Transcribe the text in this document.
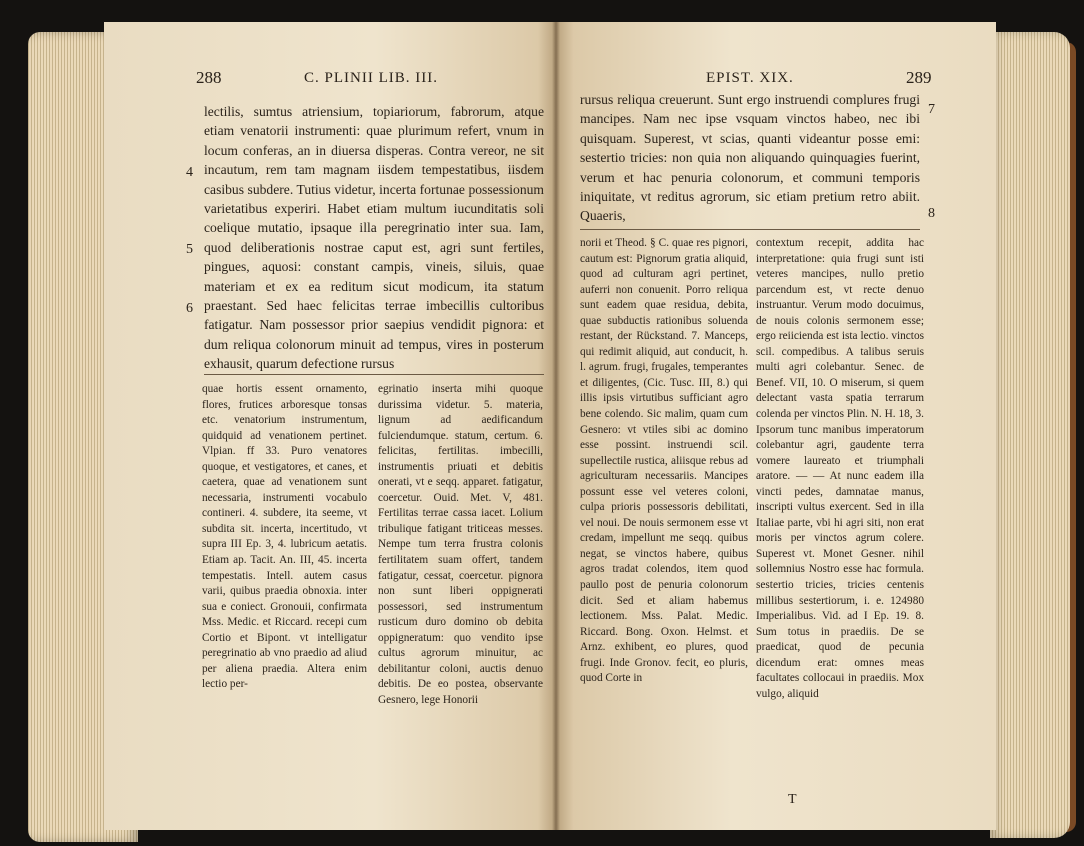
288	C. PLINII LIB. III.
4
5
6

lectilis, sumtus atriensium, topiariorum, fabrorum, atque etiam venatorii instrumenti: quae plurimum refert, vnum in locum conferas, an in diuersa disperas. Contra vereor, ne sit incautum, rem tam magnam iisdem tempestatibus, iisdem casibus subdere. Tutius videtur, incerta fortunae possessionum varietatibus experiri. Habet etiam multum iucunditatis soli coelique mutatio, ipsaque illa peregrinatio inter sua. Iam, quod deliberationis nostrae caput est, agri sunt fertiles, pingues, aquosi: constant campis, vineis, siluis, quae materiam et ex ea reditum sicut modicum, ita statum praestant. Sed haec felicitas terrae imbecillis cultoribus fatigatur. Nam possessor prior saepius vendidit pignora: et dum reliqua colonorum minuit ad tempus, vires in posterum exhausit, quarum defectione rursus

quae hortis essent ornamento, flores, frutices arboresque tonsas etc. venatorium instrumentum, quidquid ad venationem pertinet. Vlpian. ff 33. Puro venatores quoque, et vestigatores, et canes, et caetera, quae ad venationem sunt necessaria, instrumenti vocabulo contineri. 4. subdere, ita seeme, vt subdita sit. incerta, incertitudo, vt supra III Ep. 3, 4. lubricum aetatis. Etiam ap. Tacit. An. III, 45. incerta tempestatis. Intell. autem casus varii, quibus praedia obnoxia. inter sua e coniect. Gronouii, confirmata Mss. Medic. et Riccard. recepi cum Cortio et Bipont. vt intelligatur peregrinatio ab vno praedio ad aliud per aliena praedia. Altera enim lectio per-

egrinatio inserta mihi quoque durissima videtur. 5. materia, lignum ad aedificandum fulciendumque. statum, certum. 6. felicitas, fertilitas. imbecilli, instrumentis priuati et debitis onerati, vt e seqq. apparet. fatigatur, coercetur. Ouid. Met. V, 481. Fertilitas terrae cassa iacet. Lolium tribulique fatigant triticeas messes. Nempe tum terra frustra colonis fertilitatem suam offert, tandem fatigatur, cessat, coercetur. pignora non sunt liberi oppignerati possessori, sed instrumentum rusticum duro domino ob debita oppigneratum: quo vendito ipse cultus agrorum minuitur, ac debilitantur coloni, auctis denuo debitis. De eo postea, observante Gesnero, lege Honorii

EPIST. XIX.	289
7
8

rursus reliqua creuerunt. Sunt ergo instruendi complures frugi mancipes. Nam nec ipse vsquam vinctos habeo, nec ibi quisquam. Superest, vt scias, quanti videantur posse emi: sestertio tricies: non quia non aliquando quinquagies fuerint, verum et hac penuria colonorum, et communi temporis iniquitate, vt reditus agrorum, sic etiam pretium retro abiit. Quaeris,

norii et Theod. § C. quae res pignori, cautum est: Pignorum gratia aliquid, quod ad culturam agri pertinet, auferri non conuenit. Porro reliqua sunt eadem quae residua, debita, quae subductis rationibus soluenda restant, der Rückstand. 7. Manceps, qui redimit aliquid, aut conducit, h. l. agrum. frugi, frugales, temperantes et diligentes, (Cic. Tusc. III, 8.) qui illis ipsis virtutibus sufficiant agro bene colendo. Sic malim, quam cum Gesnero: vt vtiles sibi ac domino esse possint. instruendi scil. supellectile rustica, aliisque rebus ad agriculturam necessariis. Mancipes possunt esse vel veteres coloni, culpa prioris possessoris debilitati, vel noui. De nouis sermonem esse vt credam, impellunt me seqq. quibus negat, se vinctos habere, quibus agros tradat colendos, item quod paullo post de penuria colonorum dicit. Sed et aliam habemus lectionem. Mss. Palat. Medic. Riccard. Bong. Oxon. Helmst. et Arnz. exhibent, eo plures, quod frugi. Inde Gronov. fecit, eo pluris, quod Corte in

contextum recepit, addita hac interpretatione: quia frugi sunt isti veteres mancipes, nullo pretio parcendum est, vt recte denuo instruantur. Verum modo docuimus, de nouis colonis sermonem esse; ergo reiicienda est ista lectio. vinctos scil. compedibus. A talibus seruis multi agri colebantur. Senec. de Benef. VII, 10. O miserum, si quem delectant vasta spatia terrarum colenda per vinctos Plin. N. H. 18, 3. Ipsorum tunc manibus imperatorum colebantur agri, gaudente terra vomere laureato et triumphali aratore. — — At nunc eadem illa vincti pedes, damnatae manus, inscripti vultus exercent. Sed in illa Italiae parte, vbi hi agri siti, non erat moris per vinctos agrum colere. Superest vt. Monet Gesner. nihil sollemnius Nostro esse hac formula. sestertio tricies, tricies centenis millibus sestertiorum, i. e. 124980 Imperialibus. Vid. ad I Ep. 19. 8. Sum totus in praediis. De se praedicat, quod de pecunia dicendum erat: omnes meas facultates collocaui in praediis. Mox vulgo, aliquid

T
